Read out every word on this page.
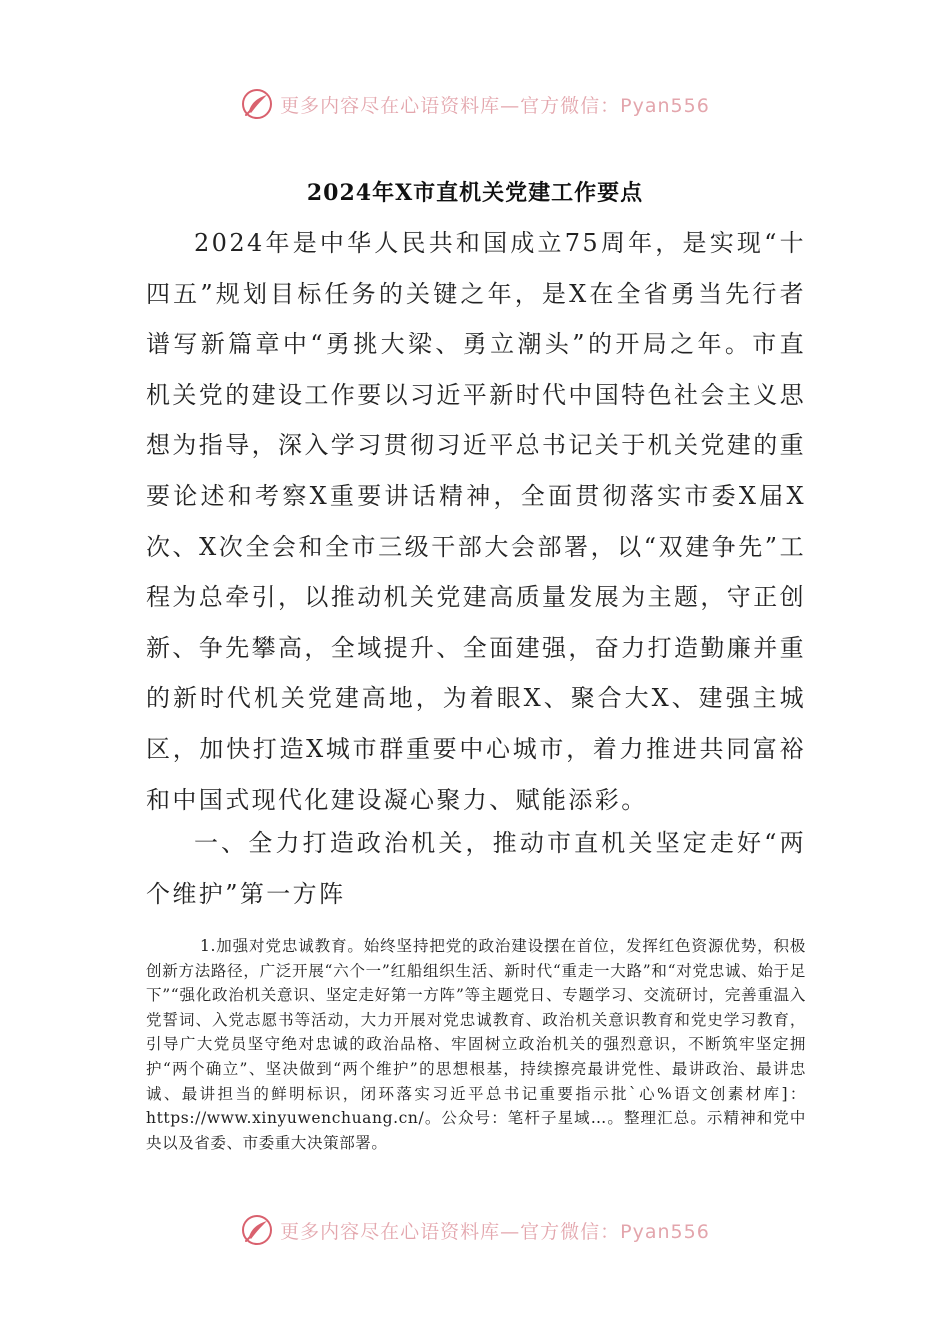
更多内容尽在心语资料库—官方微信：Pyan556
2024年X市直机关党建工作要点

2024年是中华人民共和国成立75周年，是实现“十四五”规划目标任务的关键之年，是X在全省勇当先行者谱写新篇章中“勇挑大梁、勇立潮头”的开局之年。市直机关党的建设工作要以习近平新时代中国特色社会主义思想为指导，深入学习贯彻习近平总书记关于机关党建的重要论述和考察X重要讲话精神，全面贯彻落实市委X届X次、X次全会和全市三级干部大会部署，以“双建争先”工程为总牵引，以推动机关党建高质量发展为主题，守正创新、争先攀高，全域提升、全面建强，奋力打造勤廉并重的新时代机关党建高地，为着眼X、聚合大X、建强主城区，加快打造X城市群重要中心城市，着力推进共同富裕和中国式现代化建设凝心聚力、赋能添彩。

一、全力打造政治机关，推动市直机关坚定走好“两个维护”第一方阵

1.加强对党忠诚教育。始终坚持把党的政治建设摆在首位，发挥红色资源优势，积极创新方法路径，广泛开展“六个一”红船组织生活、新时代“重走一大路”和“对党忠诚、始于足下”“强化政治机关意识、坚定走好第一方阵”等主题党日、专题学习、交流研讨，完善重温入党誓词、入党志愿书等活动，大力开展对党忠诚教育、政治机关意识教育和党史学习教育，引导广大党员坚守绝对忠诚的政治品格、牢固树立政治机关的强烈意识，不断筑牢坚定拥护“两个确立”、坚决做到“两个维护”的思想根基，持续擦亮最讲党性、最讲政治、最讲忠诚、最讲担当的鲜明标识，闭环落实习近平总书记重要指示批`心%语文创素材库]：https://www.xinyuwenchuang.cn/。公众号：笔杆子星域…。整理汇总。示精神和党中央以及省委、市委重大决策部署。

更多内容尽在心语资料库—官方微信：Pyan556
